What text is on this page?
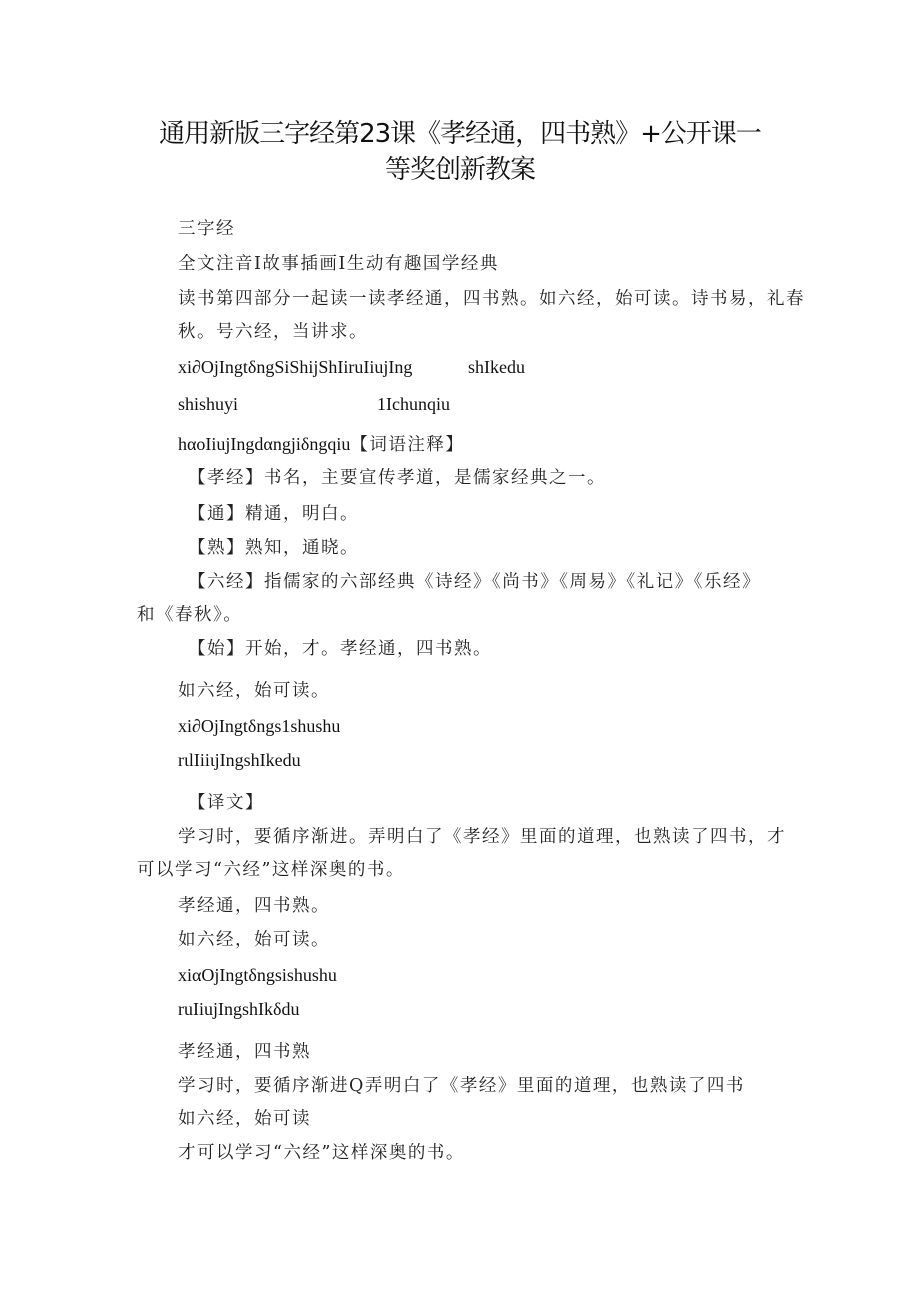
通用新版三字经第23课《孝经通，四书熟》+公开课一
等奖创新教案
三字经
全文注音I故事插画I生动有趣国学经典
读书第四部分一起读一读孝经通，四书熟。如六经，始可读。诗书易，礼春
秋。号六经，当讲求。
xi∂OjIngtδngSiShijShIiruIiujIng	shIkedu
shishuyi	1Ichunqiu
hαoIiujIngdαngjiδngqiu【词语注释】
【孝经】书名，主要宣传孝道，是儒家经典之一。
【通】精通，明白。
【熟】熟知，通晓。
【六经】指儒家的六部经典《诗经》《尚书》《周易》《礼记》《乐经》
和《春秋》。
【始】开始，才。孝经通，四书熟。
如六经，始可读。
xi∂OjIngtδngs1shushu
rιlIiiιjIngshIkedu
【译文】
学习时，要循序渐进。弄明白了《孝经》里面的道理，也熟读了四书，才
可以学习“六经”这样深奥的书。
孝经通，四书熟。
如六经，始可读。
xiαOjIngtδngsishushu
ruIiujIngshIkδdu
孝经通，四书熟
学习时，要循序渐进Q弄明白了《孝经》里面的道理，也熟读了四书
如六经，始可读
才可以学习“六经”这样深奥的书。
